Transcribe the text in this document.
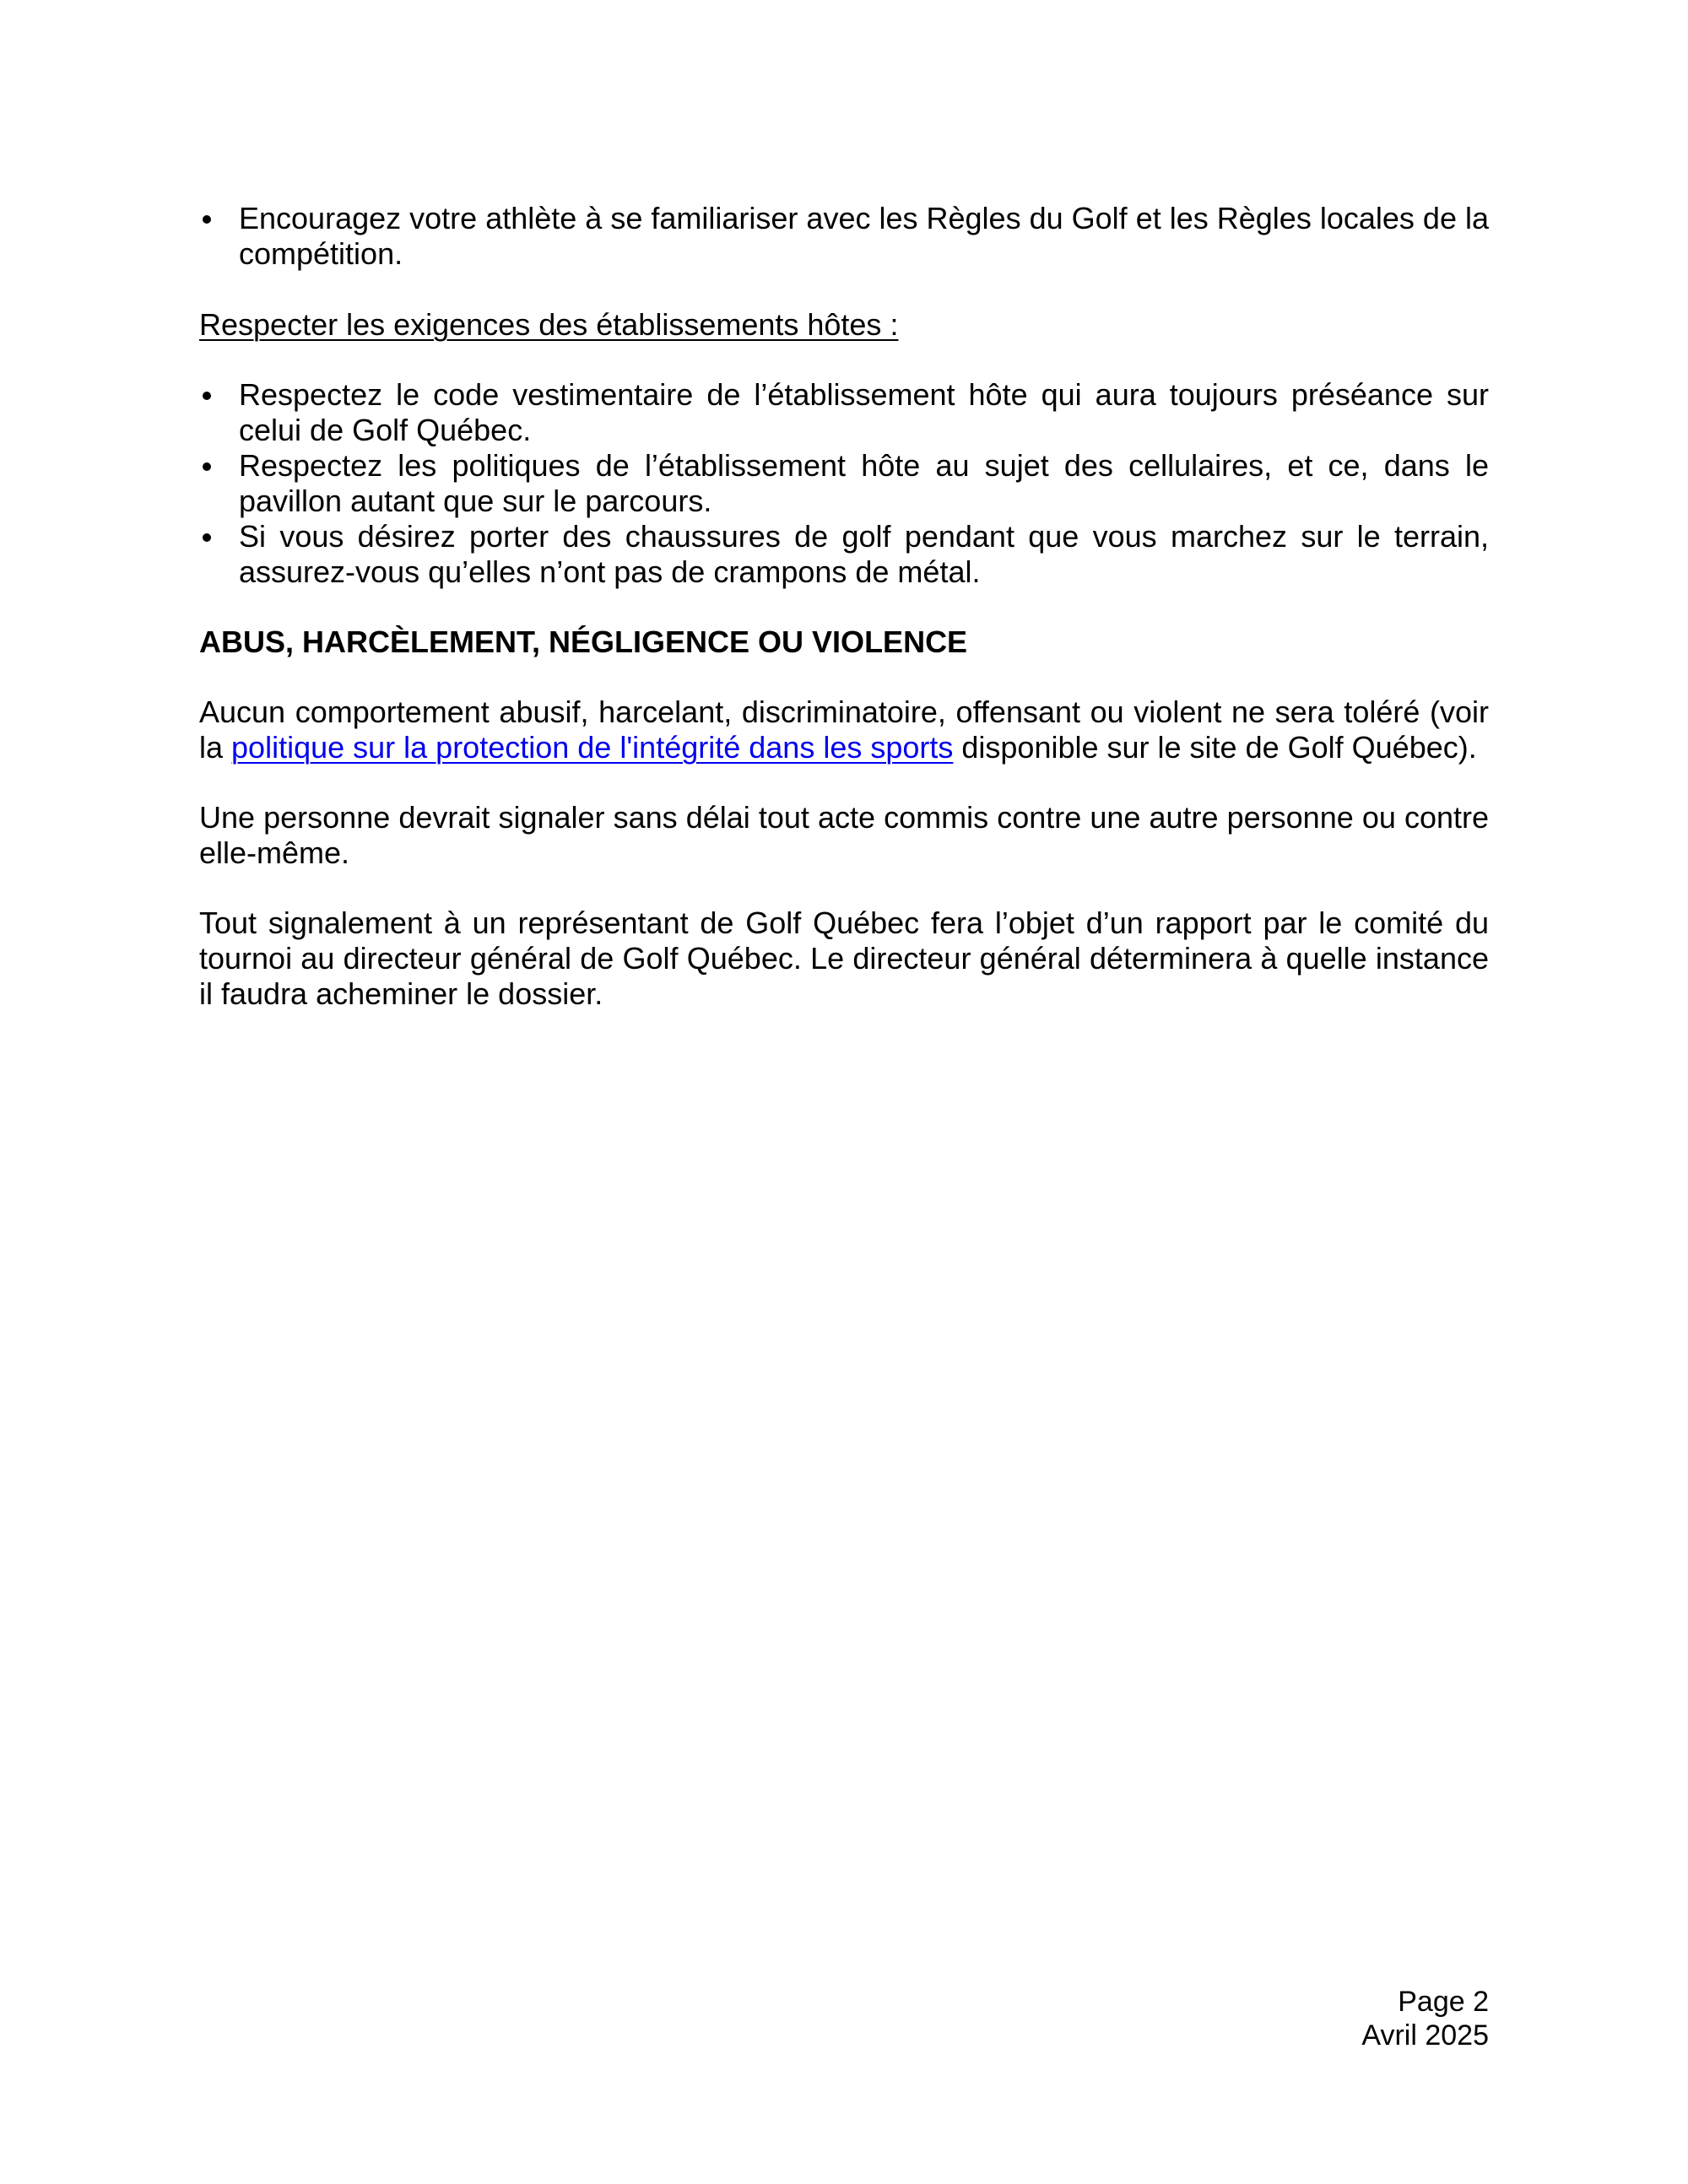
Encouragez votre athlète à se familiariser avec les Règles du Golf et les Règles locales de la compétition.

Respecter les exigences des établissements hôtes :

Respectez le code vestimentaire de l’établissement hôte qui aura toujours préséance sur celui de Golf Québec.
Respectez les politiques de l’établissement hôte au sujet des cellulaires, et ce, dans le pavillon autant que sur le parcours.
Si vous désirez porter des chaussures de golf pendant que vous marchez sur le terrain, assurez-vous qu’elles n’ont pas de crampons de métal.

ABUS, HARCÈLEMENT, NÉGLIGENCE OU VIOLENCE

Aucun comportement abusif, harcelant, discriminatoire, offensant ou violent ne sera toléré (voir la politique sur la protection de l'intégrité dans les sports disponible sur le site de Golf Québec).

Une personne devrait signaler sans délai tout acte commis contre une autre personne ou contre elle-même.

Tout signalement à un représentant de Golf Québec fera l’objet d’un rapport par le comité du tournoi au directeur général de Golf Québec. Le directeur général déterminera à quelle instance il faudra acheminer le dossier.

Page 2
Avril 2025
